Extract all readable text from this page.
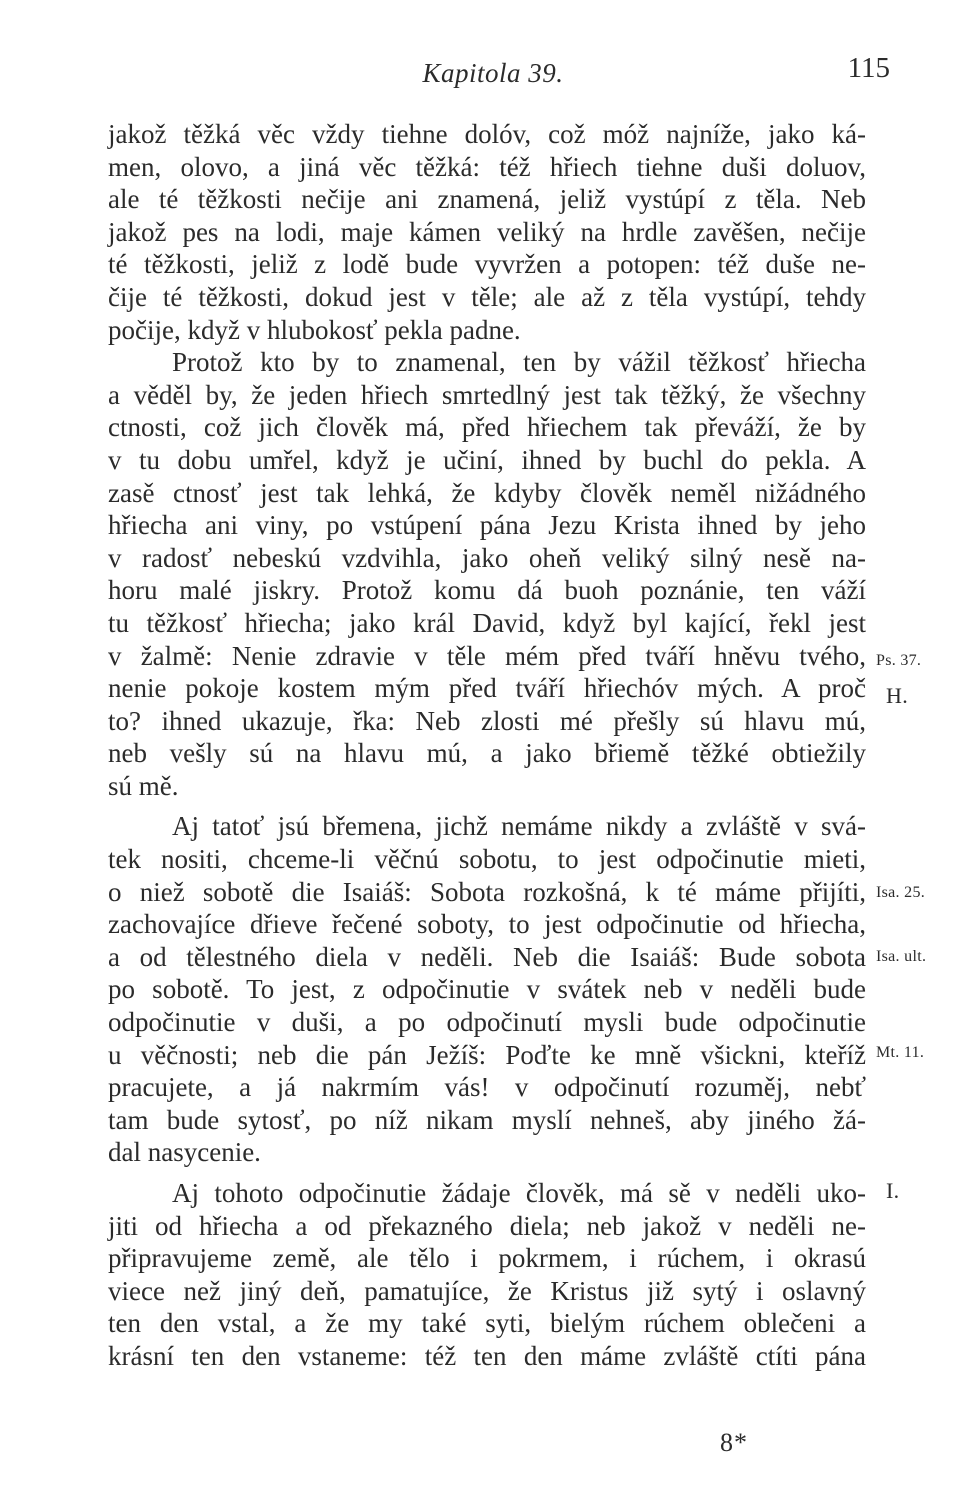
Kapitola 39.	115
jakož těžká věc vždy tiehne dolóv, což móž najníže, jako ká-
men, olovo, a jiná věc těžká: též hřiech tiehne duši doluov,
ale té těžkosti nečije ani znamená, jeliž vystúpí z těla. Neb
jakož pes na lodi, maje kámen veliký na hrdle zavěšen, nečije
té těžkosti, jeliž z lodě bude vyvržen a potopen: též duše ne-
čije té těžkosti, dokud jest v těle; ale až z těla vystúpí, tehdy
počije, když v hlubokosť pekla padne.
Protož kto by to znamenal, ten by vážil těžkosť hřiecha
a věděl by, že jeden hřiech smrtedlný jest tak těžký, že všechny
ctnosti, což jich člověk má, před hřiechem tak převáží, že by
v tu dobu umřel, když je učiní, ihned by buchl do pekla. A
zasě ctnosť jest tak lehká, že kdyby člověk neměl nižádného
hřiecha ani viny, po vstúpení pána Jezu Krista ihned by jeho
v radosť nebeskú vzdvihla, jako oheň veliký silný nesě na-
horu malé jiskry. Protož komu dá buoh poznánie, ten váží
tu těžkosť hřiecha; jako král David, když byl kající, řekl jest
v žalmě: Nenie zdravie v těle mém před tváří hněvu tvého,
nenie pokoje kostem mým před tváří hřiechóv mých. A proč
to? ihned ukazuje, řka: Neb zlosti mé přešly sú hlavu mú,
neb vešly sú na hlavu mú, a jako břiemě těžké obtiežily
sú mě.
Aj tatoť jsú břemena, jichž nemáme nikdy a zvláště v svá-
tek nositi, chceme-li věčnú sobotu, to jest odpočinutie mieti,
o niež sobotě die Isaiáš: Sobota rozkošná, k té máme přijíti,
zachovajíce dřieve řečené soboty, to jest odpočinutie od hřiecha,
a od tělestného diela v neděli. Neb die Isaiáš: Bude sobota
po sobotě. To jest, z odpočinutie v svátek neb v neděli bude
odpočinutie v duši, a po odpočinutí mysli bude odpočinutie
u věčnosti; neb die pán Ježíš: Poďte ke mně všickni, kteříž
pracujete, a já nakrmím vás! v odpočinutí rozuměj, nebť
tam bude sytosť, po níž nikam myslí nehneš, aby jiného žá-
dal nasycenie.
Aj tohoto odpočinutie žádaje člověk, má sě v neděli uko-
jiti od hřiecha a od překazného diela; neb jakož v neděli ne-
připravujeme země, ale tělo i pokrmem, i rúchem, i okrasú
viece než jiný deň, pamatujíce, že Kristus již sytý i oslavný
ten den vstal, a že my také syti, bielým rúchem oblečeni a
krásní ten den vstaneme: též ten den máme zvláště ctíti pána
Ps. 37.
H.
Isa. 25.
Isa. ult.
Mt. 11.
I.
8*
